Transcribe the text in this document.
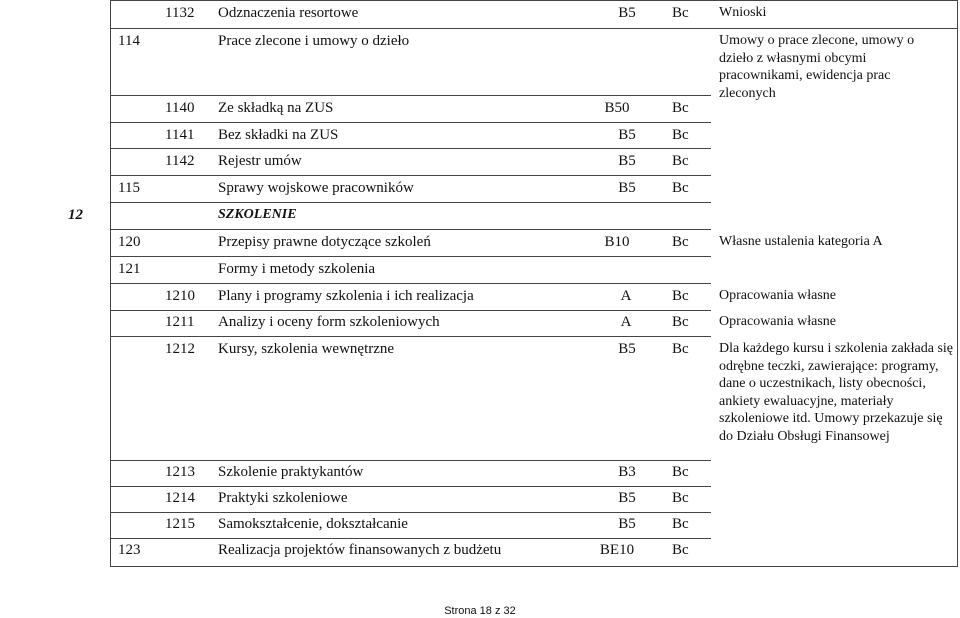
1132 Odznaczenia resortowe	B5	Bc Wnioski
114	Prace zlecone i umowy o dzieło	Umowy o prace zlecone, umowy o dzieło z własnymi obcymi pracownikami, ewidencja prac zleconych
1140 Ze składką na ZUS	B50	Bc
1141 Bez składki na ZUS	B5	Bc
1142 Rejestr umów	B5	Bc
115	Sprawy wojskowe pracowników	B5	Bc
12	SZKOLENIE
120	Przepisy prawne dotyczące szkoleń	B10	Bc Własne ustalenia kategoria A
121	Formy i metody szkolenia
1210 Plany i programy szkolenia i ich realizacja	A	Bc Opracowania własne
1211 Analizy i oceny form szkoleniowych	A	Bc Opracowania własne
1212 Kursy, szkolenia wewnętrzne	B5	Bc Dla każdego kursu i szkolenia zakłada się odrębne teczki, zawierające: programy, dane o uczestnikach, listy obecności, ankiety ewaluacyjne, materiały szkoleniowe itd. Umowy przekazuje się do Działu Obsługi Finansowej
1213 Szkolenie praktykantów	B3	Bc
1214 Praktyki szkoleniowe	B5	Bc
1215 Samokształcenie, dokształcanie	B5	Bc
123	Realizacja projektów finansowanych z budżetu	BE10	Bc
Strona 18 z 32
